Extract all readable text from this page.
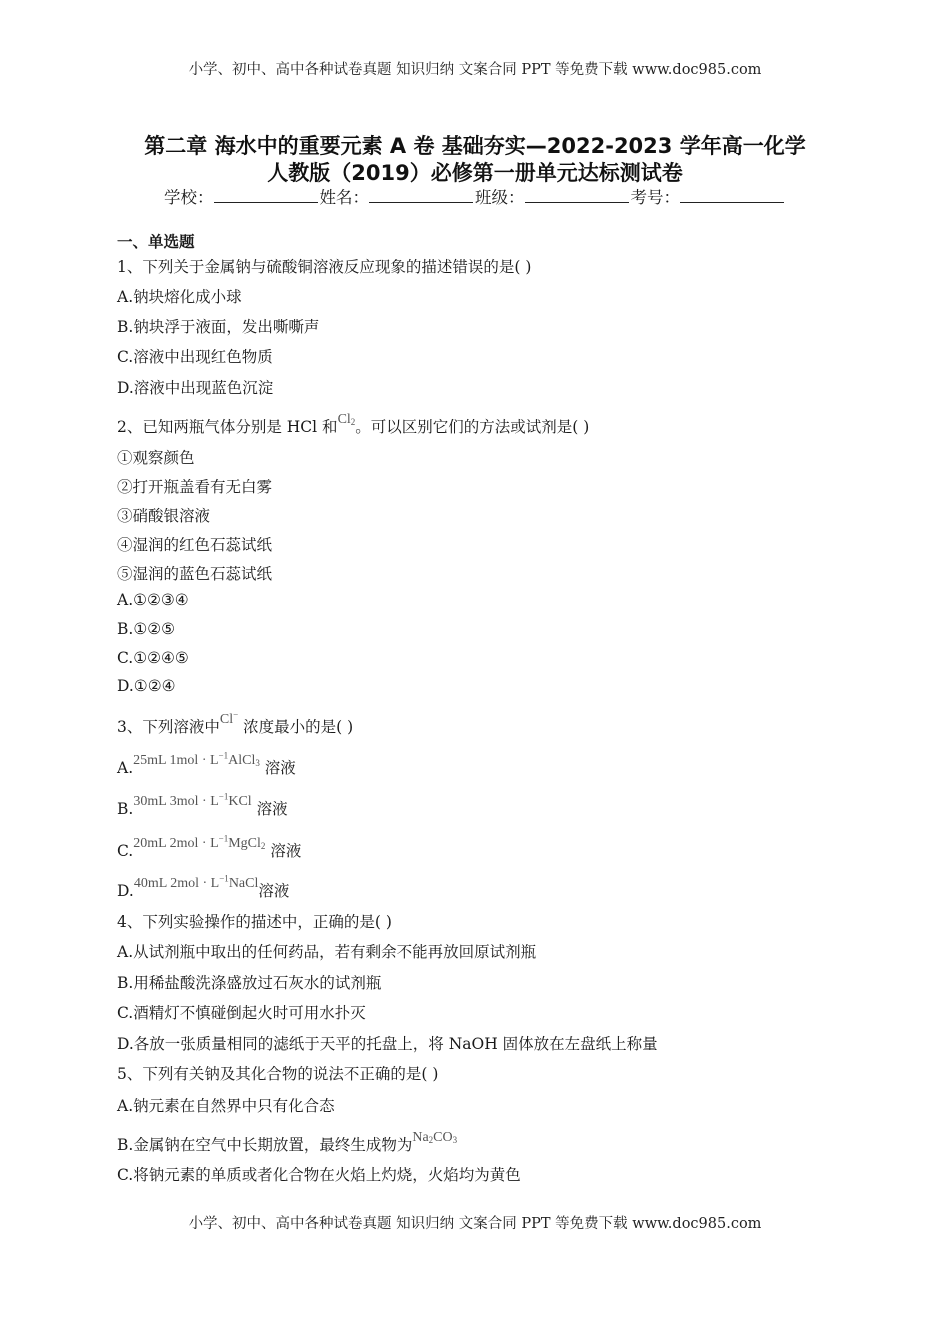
小学、初中、高中各种试卷真题 知识归纳 文案合同 PPT 等免费下载 www.doc985.com
第二章 海水中的重要元素 A 卷 基础夯实—2022-2023 学年高一化学
人教版（2019）必修第一册单元达标测试卷
学校：	姓名：	班级：	考号：
一、单选题
1、下列关于金属钠与硫酸铜溶液反应现象的描述错误的是( )
A.钠块熔化成小球
B.钠块浮于液面，发出嘶嘶声
C.溶液中出现红色物质
D.溶液中出现蓝色沉淀
2、已知两瓶气体分别是 HCl 和$Cl_2$。可以区别它们的方法或试剂是( )
①观察颜色
②打开瓶盖看有无白雾
③硝酸银溶液
④湿润的红色石蕊试纸
⑤湿润的蓝色石蕊试纸
A.①②③④
B.①②⑤
C.①②④⑤
D.①②④
3、下列溶液中Cl− 浓度最小的是( )
A.25mL $1mol \cdot L^{-1}AlCl_3$ 溶液
B.30mL $3mol \cdot L^{-1}KCl$ 溶液
C.20mL $2mol \cdot L^{-1}MgCl_2$ 溶液
D.40mL $2mol \cdot L^{-1}NaCl$溶液
4、下列实验操作的描述中，正确的是( )
A.从试剂瓶中取出的任何药品，若有剩余不能再放回原试剂瓶
B.用稀盐酸洗涤盛放过石灰水的试剂瓶
C.酒精灯不慎碰倒起火时可用水扑灭
D.各放一张质量相同的滤纸于天平的托盘上，将 NaOH 固体放在左盘纸上称量
5、下列有关钠及其化合物的说法不正确的是( )
A.钠元素在自然界中只有化合态
B.金属钠在空气中长期放置，最终生成物为$Na_2CO_3$
C.将钠元素的单质或者化合物在火焰上灼烧，火焰均为黄色
小学、初中、高中各种试卷真题 知识归纳 文案合同 PPT 等免费下载 www.doc985.com
